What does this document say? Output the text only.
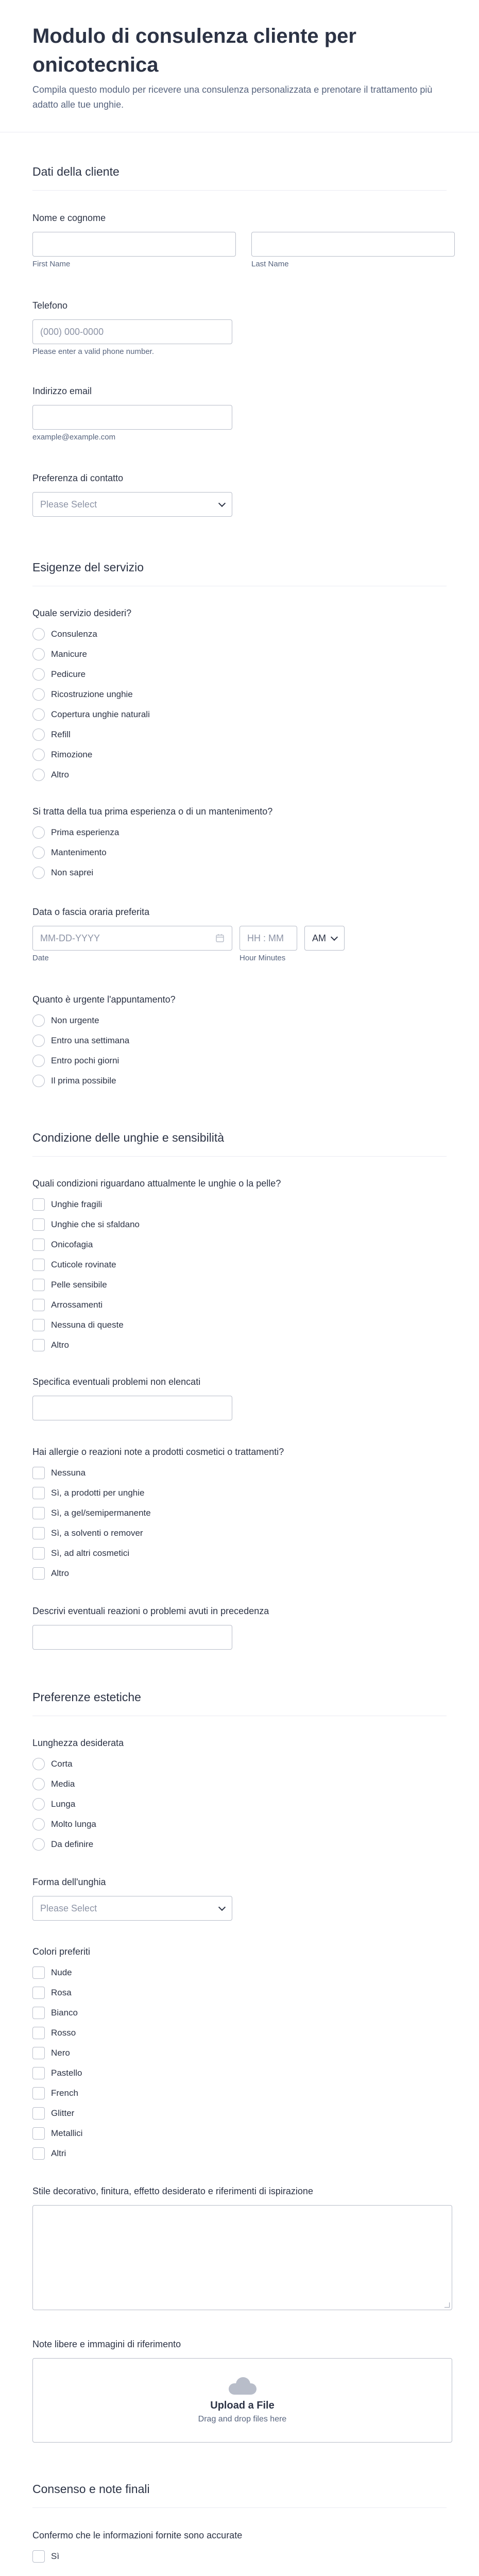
Modulo di consulenza cliente per onicotecnica

Compila questo modulo per ricevere una consulenza personalizzata e prenotare il trattamento più adatto alle tue unghie.

Dati della cliente
Nome e cognome
First Name	Last Name
Telefono
(000) 000-0000
Please enter a valid phone number.
Indirizzo email
example@example.com
Preferenza di contatto
Please Select
Esigenze del servizio
Quale servizio desideri?
Consulenza
Manicure
Pedicure
Ricostruzione unghie
Copertura unghie naturali
Refill
Rimozione
Altro
Si tratta della tua prima esperienza o di un mantenimento?
Prima esperienza
Mantenimento
Non saprei
Data o fascia oraria preferita
MM-DD-YYYY
Date
HH : MM
Hour Minutes
AM
Quanto è urgente l'appuntamento?
Non urgente
Entro una settimana
Entro pochi giorni
Il prima possibile
Condizione delle unghie e sensibilità
Quali condizioni riguardano attualmente le unghie o la pelle?
Unghie fragili
Unghie che si sfaldano
Onicofagia
Cuticole rovinate
Pelle sensibile
Arrossamenti
Nessuna di queste
Altro
Specifica eventuali problemi non elencati
Hai allergie o reazioni note a prodotti cosmetici o trattamenti?
Nessuna
Sì, a prodotti per unghie
Sì, a gel/semipermanente
Sì, a solventi o remover
Sì, ad altri cosmetici
Altro
Descrivi eventuali reazioni o problemi avuti in precedenza
Preferenze estetiche
Lunghezza desiderata
Corta
Media
Lunga
Molto lunga
Da definire
Forma dell'unghia
Please Select
Colori preferiti
Nude
Rosa
Bianco
Rosso
Nero
Pastello
French
Glitter
Metallici
Altri
Stile decorativo, finitura, effetto desiderato e riferimenti di ispirazione
Note libere e immagini di riferimento
Upload a File
Drag and drop files here
Consenso e note finali
Confermo che le informazioni fornite sono accurate
Sì
